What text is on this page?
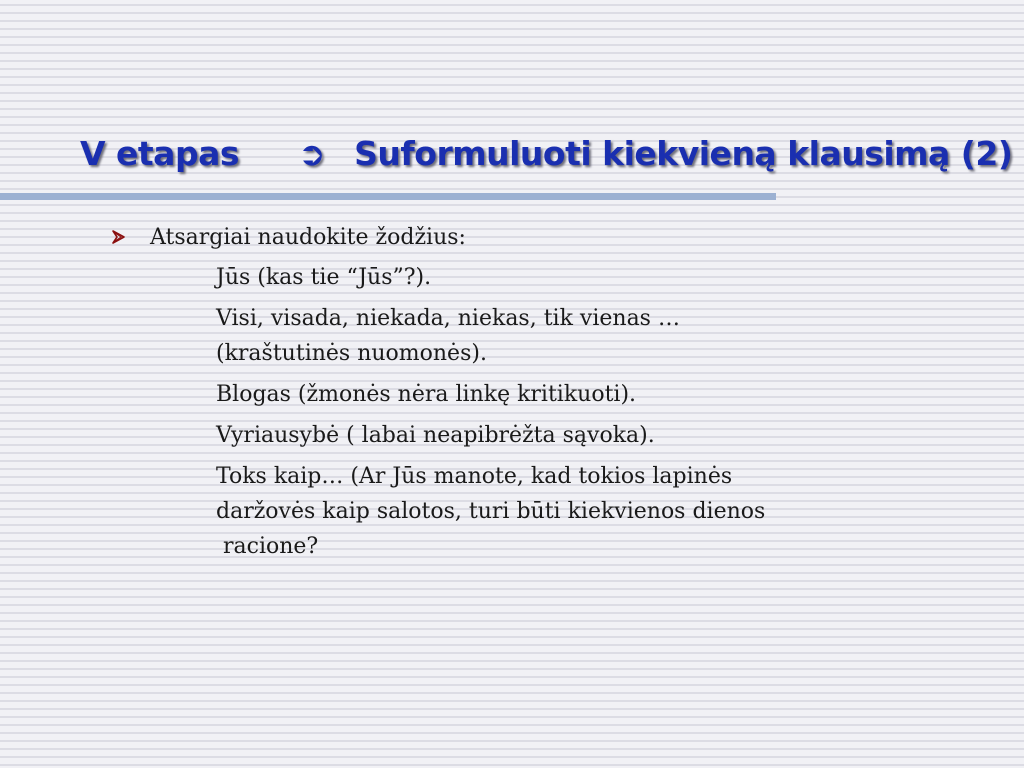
V etapas ➲ Suformuluoti kiekvieną klausimą (2)
Atsargiai naudokite žodžius:
Jūs (kas tie “Jūs”?).
Visi, visada, niekada, niekas, tik vienas …
(kraštutinės nuomonės).
Blogas (žmonės nėra linkę kritikuoti).
Vyriausybė ( labai neapibrėžta sąvoka).
Toks kaip… (Ar Jūs manote, kad tokios lapinės
daržovės kaip salotos, turi būti kiekvienos dienos
racione?
